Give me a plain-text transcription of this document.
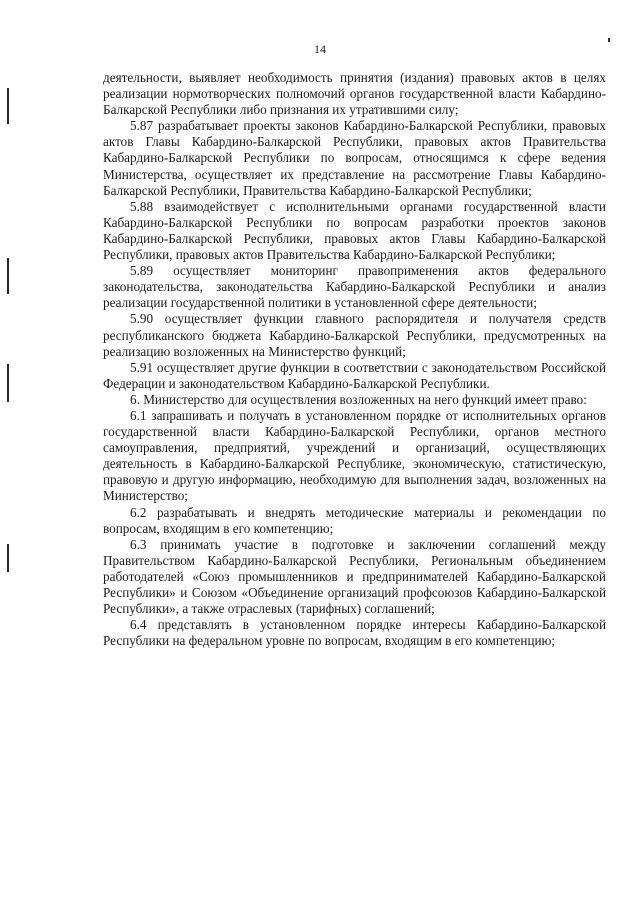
14

деятельности, выявляет необходимость принятия (издания) правовых актов в целях реализации нормотворческих полномочий органов государственной власти Кабардино-Балкарской Республики либо признания их утратившими силу;

5.87 разрабатывает проекты законов Кабардино-Балкарской Республики, правовых актов Главы Кабардино-Балкарской Республики, правовых актов Правительства Кабардино-Балкарской Республики по вопросам, относящимся к сфере ведения Министерства, осуществляет их представление на рассмотрение Главы Кабардино-Балкарской Республики, Правительства Кабардино-Балкарской Республики;

5.88 взаимодействует с исполнительными органами государственной власти Кабардино-Балкарской Республики по вопросам разработки проектов законов Кабардино-Балкарской Республики, правовых актов Главы Кабардино-Балкарской Республики, правовых актов Правительства Кабардино-Балкарской Республики;

5.89 осуществляет мониторинг правоприменения актов федерального законодательства, законодательства Кабардино-Балкарской Республики и анализ реализации государственной политики в установленной сфере деятельности;

5.90 осуществляет функции главного распорядителя и получателя средств республиканского бюджета Кабардино-Балкарской Республики, предусмотренных на реализацию возложенных на Министерство функций;

5.91 осуществляет другие функции в соответствии с законодательством Российской Федерации и законодательством Кабардино-Балкарской Республики.

6. Министерство для осуществления возложенных на него функций имеет право:

6.1 запрашивать и получать в установленном порядке от исполнительных органов государственной власти Кабардино-Балкарской Республики, органов местного самоуправления, предприятий, учреждений и организаций, осуществляющих деятельность в Кабардино-Балкарской Республике, экономическую, статистическую, правовую и другую информацию, необходимую для выполнения задач, возложенных на Министерство;

6.2 разрабатывать и внедрять методические материалы и рекомендации по вопросам, входящим в его компетенцию;

6.3 принимать участие в подготовке и заключении соглашений между Правительством Кабардино-Балкарской Республики, Региональным объединением работодателей «Союз промышленников и предпринимателей Кабардино-Балкарской Республики» и Союзом «Объединение организаций профсоюзов Кабардино-Балкарской Республики», а также отраслевых (тарифных) соглашений;

6.4 представлять в установленном порядке интересы Кабардино-Балкарской Республики на федеральном уровне по вопросам, входящим в его компетенцию;
